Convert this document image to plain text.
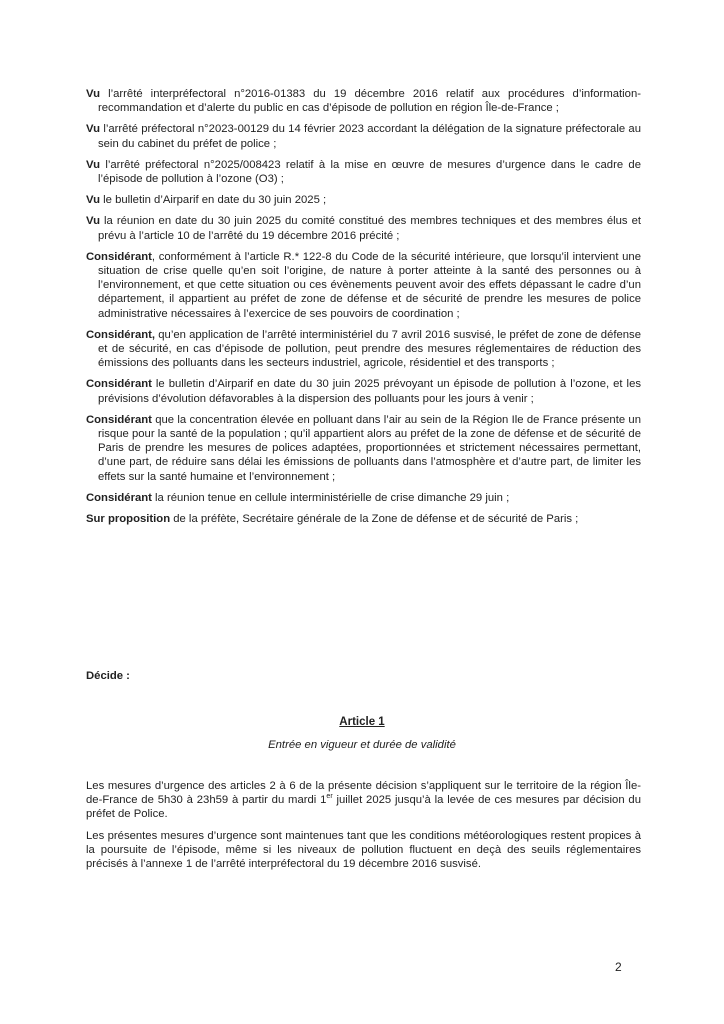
Vu l’arrêté interpréfectoral n°2016-01383 du 19 décembre 2016 relatif aux procédures d’information-recommandation et d’alerte du public en cas d’épisode de pollution en région Île-de-France ;

Vu l’arrêté préfectoral n°2023-00129 du 14 février 2023 accordant la délégation de la signature préfectorale au sein du cabinet du préfet de police ;

Vu l’arrêté préfectoral n°2025/008423 relatif à la mise en œuvre de mesures d’urgence dans le cadre de l’épisode de pollution à l’ozone (O3) ;

Vu le bulletin d’Airparif en date du 30 juin 2025 ;

Vu la réunion en date du 30 juin 2025 du comité constitué des membres techniques et des membres élus et prévu à l’article 10 de l’arrêté du 19 décembre 2016 précité ;

Considérant, conformément à l’article R.* 122-8 du Code de la sécurité intérieure, que lorsqu’il intervient une situation de crise quelle qu’en soit l’origine, de nature à porter atteinte à la santé des personnes ou à l’environnement, et que cette situation ou ces évènements peuvent avoir des effets dépassant le cadre d’un département, il appartient au préfet de zone de défense et de sécurité de prendre les mesures de police administrative nécessaires à l’exercice de ses pouvoirs de coordination ;

Considérant, qu’en application de l’arrêté interministériel du 7 avril 2016 susvisé, le préfet de zone de défense et de sécurité, en cas d’épisode de pollution, peut prendre des mesures réglementaires de réduction des émissions des polluants dans les secteurs industriel, agricole, résidentiel et des transports ;

Considérant le bulletin d’Airparif en date du 30 juin 2025 prévoyant un épisode de pollution à l’ozone, et les prévisions d’évolution défavorables à la dispersion des polluants pour les jours à venir ;

Considérant que la concentration élevée en polluant dans l’air au sein de la Région Ile de France présente un risque pour la santé de la population ; qu’il appartient alors au préfet de la zone de défense et de sécurité de Paris de prendre les mesures de polices adaptées, proportionnées et strictement nécessaires permettant, d’une part, de réduire sans délai les émissions de polluants dans l’atmosphère et d’autre part, de limiter les effets sur la santé humaine et l’environnement ;

Considérant la réunion tenue en cellule interministérielle de crise dimanche 29 juin ;

Sur proposition de la préfète, Secrétaire générale de la Zone de défense et de sécurité de Paris ;

Décide :
Article 1
Entrée en vigueur et durée de validité

Les mesures d’urgence des articles 2 à 6 de la présente décision s’appliquent sur le territoire de la région Île-de-France de 5h30 à 23h59 à partir du mardi 1er juillet 2025 jusqu’à la levée de ces mesures par décision du préfet de Police.

Les présentes mesures d’urgence sont maintenues tant que les conditions météorologiques restent propices à la poursuite de l’épisode, même si les niveaux de pollution fluctuent en deçà des seuils réglementaires précisés à l’annexe 1 de l’arrêté interpréfectoral du 19 décembre 2016 susvisé.

2
